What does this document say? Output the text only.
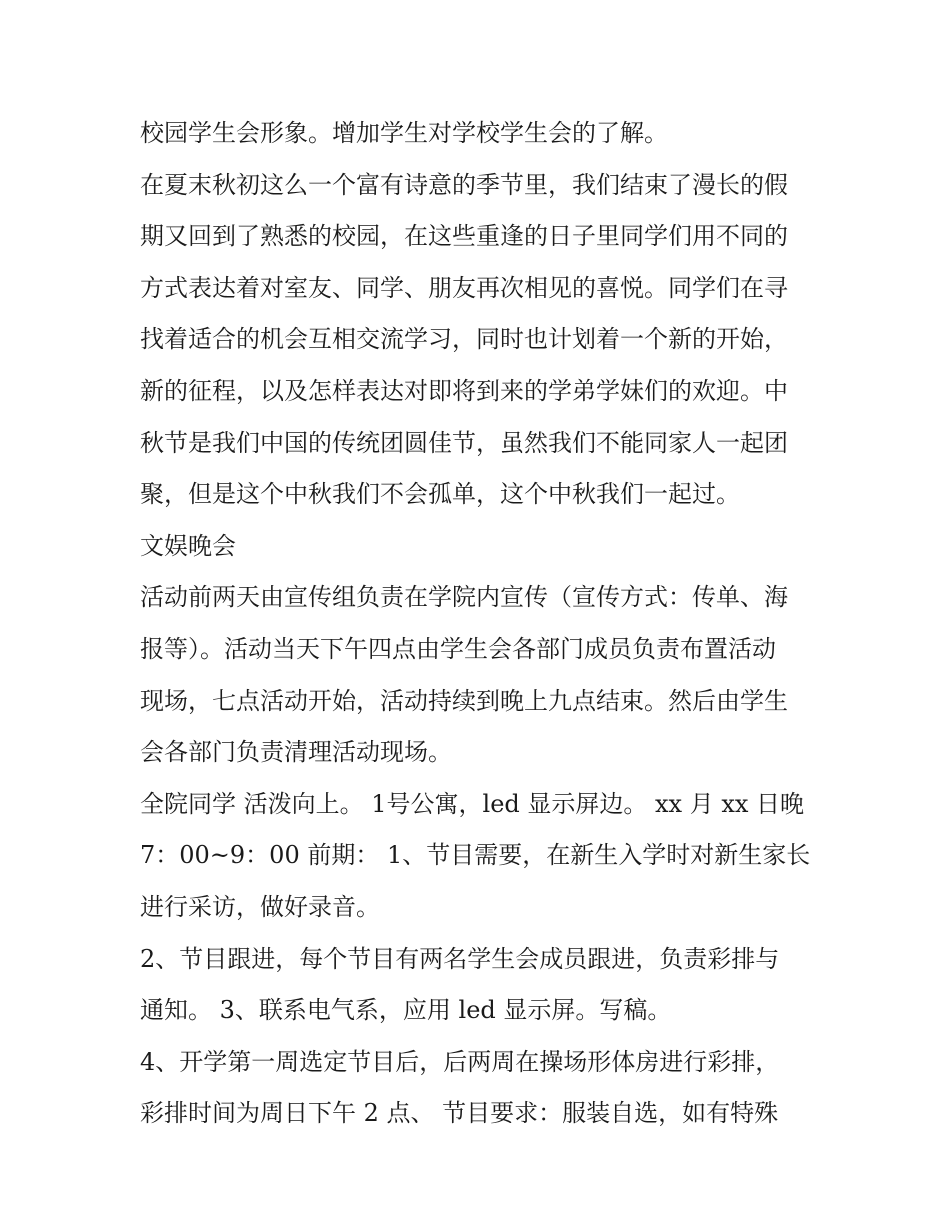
校园学生会形象。增加学生对学校学生会的了解。
在夏末秋初这么一个富有诗意的季节里，我们结束了漫长的假
期又回到了熟悉的校园，在这些重逢的日子里同学们用不同的
方式表达着对室友、同学、朋友再次相见的喜悦。同学们在寻
找着适合的机会互相交流学习，同时也计划着一个新的开始，
新的征程，以及怎样表达对即将到来的学弟学妹们的欢迎。中
秋节是我们中国的传统团圆佳节，虽然我们不能同家人一起团
聚，但是这个中秋我们不会孤单，这个中秋我们一起过。
文娱晚会
活动前两天由宣传组负责在学院内宣传（宣传方式：传单、海
报等）。活动当天下午四点由学生会各部门成员负责布置活动
现场，七点活动开始，活动持续到晚上九点结束。然后由学生
会各部门负责清理活动现场。
全院同学 活泼向上。 1号公寓，led 显示屏边。 xx 月 xx 日晚
7：00~9：00 前期： 1、节目需要，在新生入学时对新生家长
进行采访，做好录音。
2、节目跟进，每个节目有两名学生会成员跟进，负责彩排与
通知。 3、联系电气系，应用 led 显示屏。写稿。
4、开学第一周选定节目后，后两周在操场形体房进行彩排，
彩排时间为周日下午 2 点、 节目要求：服装自选，如有特殊
